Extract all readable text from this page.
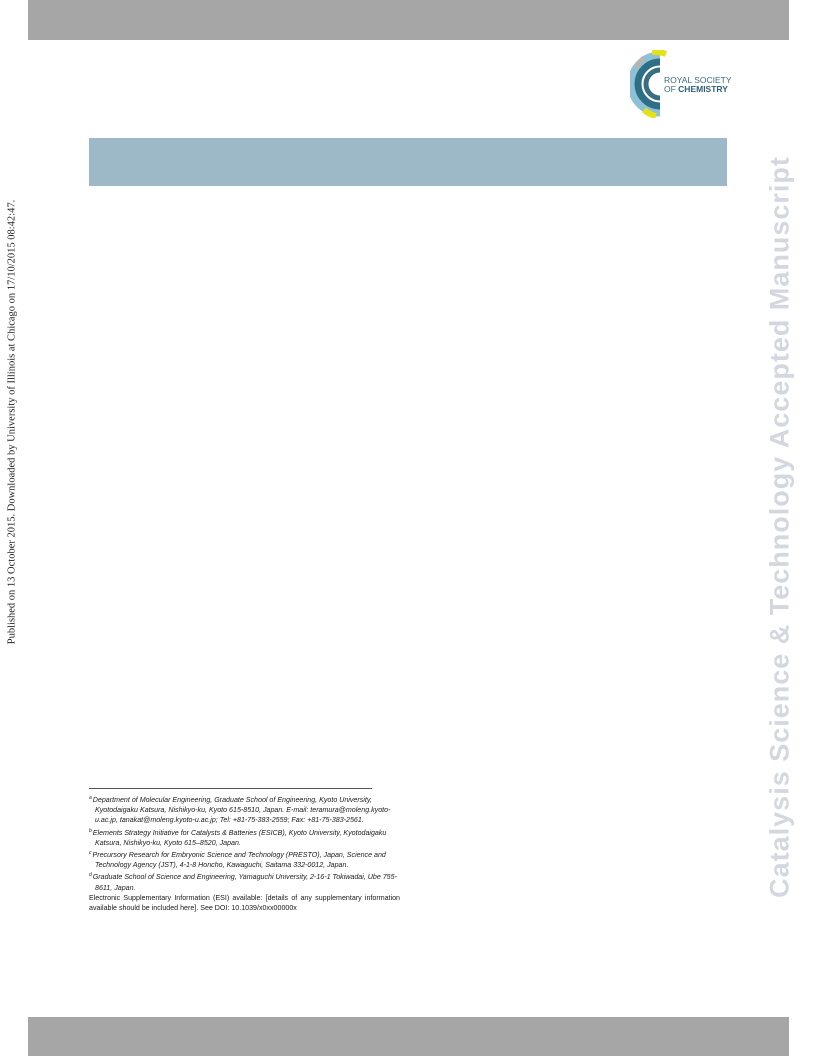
ROYAL SOCIETY
OF CHEMISTRY
Published on 13 October 2015. Downloaded by University of Illinois at Chicago on 17/10/2015 08:42:47.	Catalysis Science & Technology Accepted Manuscript
$^a$Department of Molecular Engineering, Graduate School of Engineering, Kyoto University, Kyotodaigaku Katsura, Nishikyo-ku, Kyoto 615-8510, Japan. E-mail: teramura@moleng.kyoto-u.ac.jp, tanakat@moleng.kyoto-u.ac.jp; Tel: +81-75-383-2559; Fax: +81-75-383-2561.
$^b$Elements Strategy Initiative for Catalysts & Batteries (ESICB), Kyoto University, Kyotodaigaku Katsura, Nishikyo-ku, Kyoto 615–8520, Japan.
$^c$Precursory Research for Embryonic Science and Technology (PRESTO), Japan, Science and Technology Agency (JST), 4-1-8 Honcho, Kawaguchi, Saitama 332-0012, Japan.
$^d$Graduate School of Science and Engineering, Yamaguchi University, 2-16-1 Tokiwadai, Ube 755-8611, Japan.
Electronic Supplementary Information (ESI) available: [details of any supplementary information available should be included here]. See DOI: 10.1039/x0xx00000x
